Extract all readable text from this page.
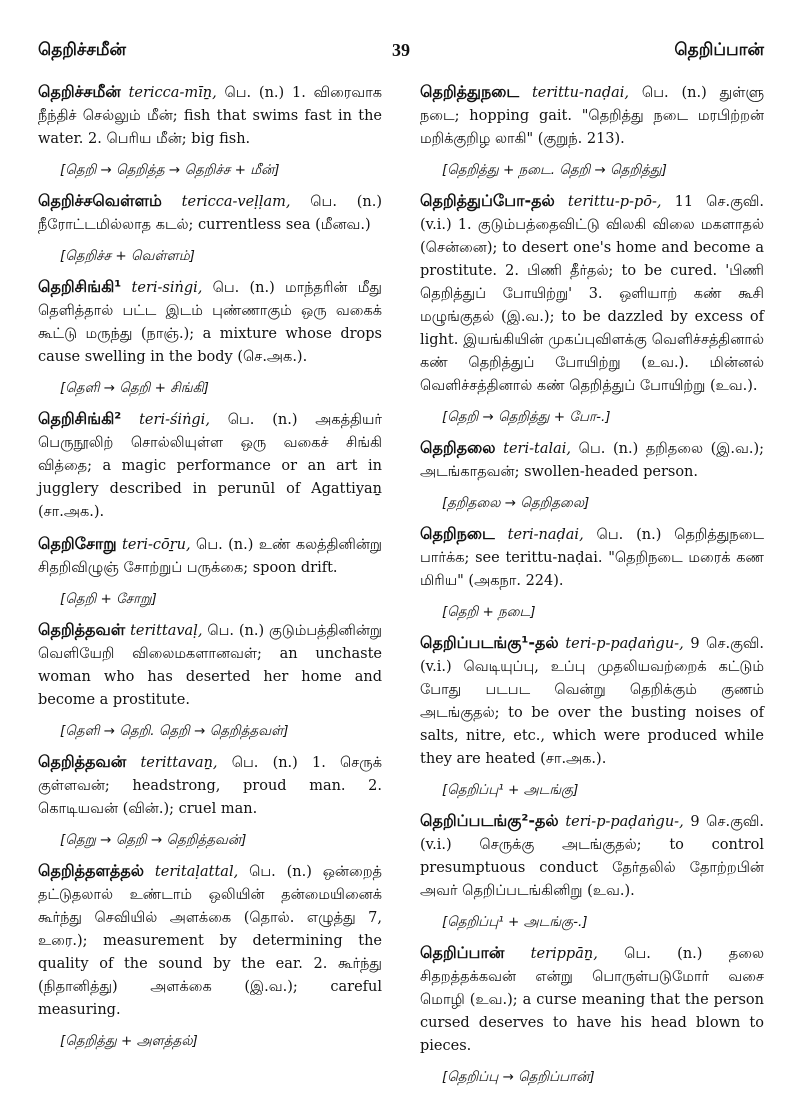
தெறிச்சமீன்	39	தெறிப்பான்
தெறிச்சமீன் tericca-mīṉ, பெ. (n.) 1. விரைவாக நீந்திச் செல்லும் மீன்; fish that swims fast in the water. 2. பெரிய மீன்; big fish.
[தெறி → தெறித்த → தெறிச்ச + மீன்]
தெறிச்சவெள்ளம் tericca-veḷḷam, பெ. (n.) நீரோட்டமில்லாத கடல்; currentless sea (மீனவ.)
[தெறிச்ச + வெள்ளம்]
தெறிசிங்கி¹ teri-siṅgi, பெ. (n.) மாந்தரின் மீது தெளித்தால் பட்ட இடம் புண்ணாகும் ஒரு வகைக் கூட்டு மருந்து (நாஞ்.); a mixture whose drops cause swelling in the body (செ.அக.).
[தெளி → தெறி + சிங்கி]
தெறிசிங்கி² teri-śiṅgi, பெ. (n.) அகத்தியர் பெருநூலிற் சொல்லியுள்ள ஒரு வகைச் சிங்கி வித்தை; a magic performance or an art in jugglery described in perunūl of Agattiyaṉ (சா.அக.).
தெறிசோறு teri-cōṟu, பெ. (n.) உண் கலத்தினின்று சிதறிவிழுஞ் சோற்றுப் பருக்கை; spoon drift.
[தெறி + சோறு]
தெறித்தவள் terittavaḷ, பெ. (n.) குடும்பத்தினின்று வெளியேறி விலைமகளானவள்; an unchaste woman who has deserted her home and become a prostitute.
[தெளி → தெறி. தெறி → தெறித்தவள்]
தெறித்தவன் terittavaṉ, பெ. (n.) 1. செருக் குள்ளவன்; headstrong, proud man. 2. கொடியவன் (வின்.); cruel man.
[தெறு → தெறி → தெறித்தவன்]
தெறித்தளத்தல் teritaḷattal, பெ. (n.) ஒன்றைத் தட்டுதலால் உண்டாம் ஒலியின் தன்மையினைக் கூர்ந்து செவியில் அளக்கை (தொல். எழுத்து 7, உரை.); measurement by determining the quality of the sound by the ear. 2. கூர்ந்து (நிதானித்து) அளக்கை (இ.வ.); careful measuring.
[தெறித்து + அளத்தல்]
தெறித்துநடை terittu-naḍai, பெ. (n.) துள்ளு நடை; hopping gait. "தெறித்து நடை மரபிற்றன் மறிக்குறிழ லாகி" (குறுந். 213).
[தெறித்து + நடை. தெறி → தெறித்து]
தெறித்துப்போ-தல் terittu-p-pō-, 11 செ.குவி. (v.i.) 1. குடும்பத்தைவிட்டு விலகி விலை மகளாதல் (சென்னை); to desert one's home and become a prostitute. 2. பிணி தீர்தல்; to be cured. 'பிணி தெறித்துப் போயிற்று' 3. ஒளியாற் கண் கூசி மழுங்குதல் (இ.வ.); to be dazzled by excess of light. இயங்கியின் முகப்புவிளக்கு வெளிச்சத்தினால் கண் தெறித்துப் போயிற்று (உவ.). மின்னல் வெளிச்சத்தினால் கண் தெறித்துப் போயிற்று (உவ.).
[தெறி → தெறித்து + போ-.]
தெறிதலை teri-talai, பெ. (n.) தறிதலை (இ.வ.); அடங்காதவன்; swollen-headed person.
[தறிதலை → தெறிதலை]
தெறிநடை teri-naḍai, பெ. (n.) தெறித்துநடை பார்க்க; see terittu-naḍai. "தெறிநடை மரைக் கண மிரிய" (அகநா. 224).
[தெறி + நடை]
தெறிப்படங்கு¹-தல் teri-p-paḍaṅgu-, 9 செ.குவி. (v.i.) வெடியுப்பு, உப்பு முதலியவற்றைக் கட்டும் போது படபட வென்று தெறிக்கும் குணம் அடங்குதல்; to be over the busting noises of salts, nitre, etc., which were produced while they are heated (சா.அக.).
[தெறிப்பு¹ + அடங்கு]
தெறிப்படங்கு²-தல் teri-p-paḍaṅgu-, 9 செ.குவி. (v.i.) செருக்கு அடங்குதல்; to control presumptuous conduct தேர்தலில் தோற்றபின் அவர் தெறிப்படங்கினிறு (உவ.).
[தெறிப்பு¹ + அடங்கு-.]
தெறிப்பான் terippāṉ, பெ. (n.) தலை சிதறத்தக்கவன் என்று பொருள்படுமோர் வசை மொழி (உவ.); a curse meaning that the person cursed deserves to have his head blown to pieces.
[தெறிப்பு → தெறிப்பான்]
